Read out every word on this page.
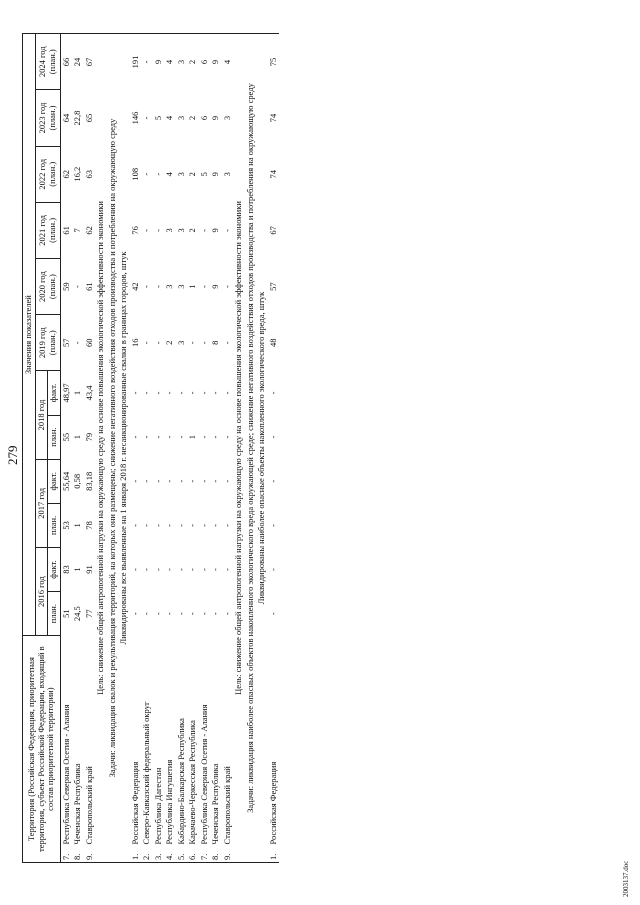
279
Территория (Российская Федерация, приоритетная территория, субъект Российской Федерации, входящий в состав приоритетной территории)		Значения показателей											
		2016 год		2017 год		2018 год		2019 год (план.)	2020 год (план.)	2021 год (план.)	2022 год (план.)	2023 год (план.)	2024 год (план.)
		план.	факт.	план.	факт.	план.	факт.						
7.	Республика Северная Осетия - Алания	51	83	53	55,64	55	48,97	57	59	61	62	64	66
8.	Чеченская Республика	24,5	1	1	0,58	1	1	-	-	7	16,2	22,8	24
9.	Ставропольский край	77	91	78	83,18	79	43,4	60	61	62	63	65	67
Цель: снижение общей антропогенной нагрузки на окружающую среду на основе повышения экологической эффективности экономики													
Задачи: ликвидация свалок и рекультивация территорий, на которых они размещены; снижение негативного воздействия отходов производства и потребления на окружающую среду													
Ликвидированы все выявленные на 1 января 2018 г. несанкционированные свалки в границах городов, штук													
1.	Российская Федерация	-	-	-	-	-	-	16	42	76	108	146	191
2.	Северо-Кавказский федеральный округ	-	-	-	-	-	-	-	-	-	-	-	-
3.	Республика Дагестан	-	-	-	-	-	-	-	-	-	-	5	9
4.	Республика Ингушетия	-	-	-	-	-	-	2	3	3	4	4	4
5.	Кабардино-Балкарская Республика	-	-	-	-	-	-	3	3	3	3	3	3
6.	Карачаево-Черкесская Республика	-	-	-	-	1	-	-	1	2	2	2	2
7.	Республика Северная Осетия - Алания	-	-	-	-	-	-	-	-	-	5	6	6
8.	Чеченская Республика	-	-	-	-	-	-	8	9	9	9	9	9
9.	Ставропольский край	-	-	-	-	-	-	-	-	-	3	3	4
Цель: снижение общей антропогенной нагрузки на окружающую среду на основе повышения экологической эффективности экономики													
Задачи: ликвидация наиболее опасных объектов накопленного экологического вреда окружающей среде; снижение негативного воздействия отходов производства и потребления на окружающую среду													
Ликвидированы наиболее опасные объекты накопленного экологического вреда, штук													
1.	Российская Федерация	-	-	-	-	-	-	48	57	67	74	74	75
2003137.doc
